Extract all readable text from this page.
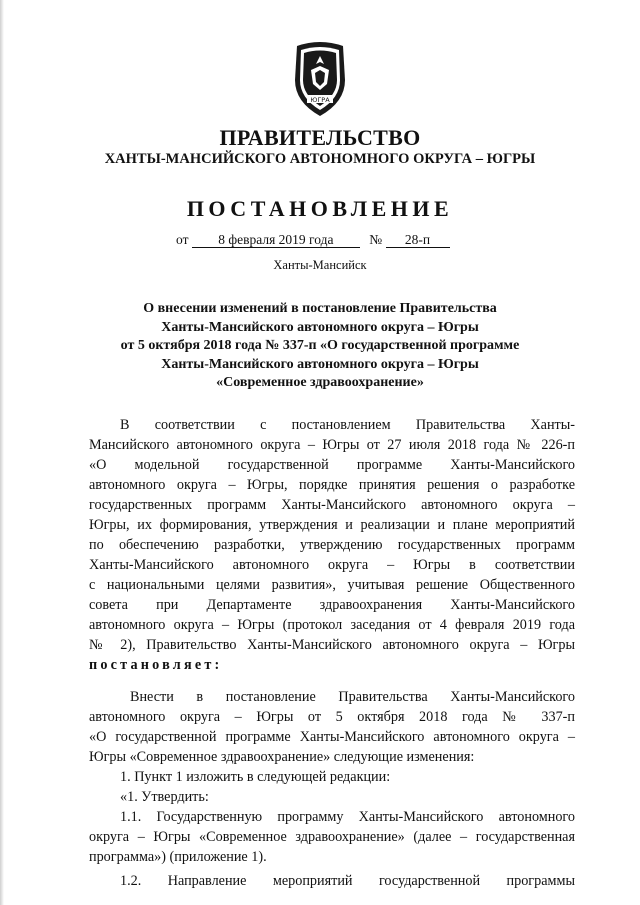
ЮГРА
ПРАВИТЕЛЬСТВО
ХАНТЫ-МАНСИЙСКОГО АВТОНОМНОГО ОКРУГА – ЮГРЫ
ПОСТАНОВЛЕНИЕ
от 8 февраля 2019 года	№ 28-п
Ханты-Мансийск
О внесении изменений в постановление Правительства
Ханты-Мансийского автономного округа – Югры
от 5 октября 2018 года № 337-п «О государственной программе
Ханты-Мансийского автономного округа – Югры
«Современное здравоохранение»
В соответствии с постановлением Правительства Ханты-
Мансийского автономного округа – Югры от 27 июля 2018 года № 226-п
«О модельной государственной программе Ханты-Мансийского
автономного округа – Югры, порядке принятия решения о разработке
государственных программ Ханты-Мансийского автономного округа –
Югры, их формирования, утверждения и реализации и плане мероприятий
по обеспечению разработки, утверждению государственных программ
Ханты-Мансийского автономного округа – Югры в соответствии
с национальными целями развития», учитывая решение Общественного
совета при Департаменте здравоохранения Ханты-Мансийского
автономного округа – Югры (протокол заседания от 4 февраля 2019 года
№ 2), Правительство Ханты-Мансийского автономного округа – Югры
постановляет:
Внести в постановление Правительства Ханты-Мансийского
автономного округа – Югры от 5 октября 2018 года № 337-п
«О государственной программе Ханты-Мансийского автономного округа –
Югры «Современное здравоохранение» следующие изменения:
1. Пункт 1 изложить в следующей редакции:
«1. Утвердить:
1.1. Государственную программу Ханты-Мансийского автономного
округа – Югры «Современное здравоохранение» (далее – государственная
программа») (приложение 1).
1.2. Направление мероприятий государственной программы
